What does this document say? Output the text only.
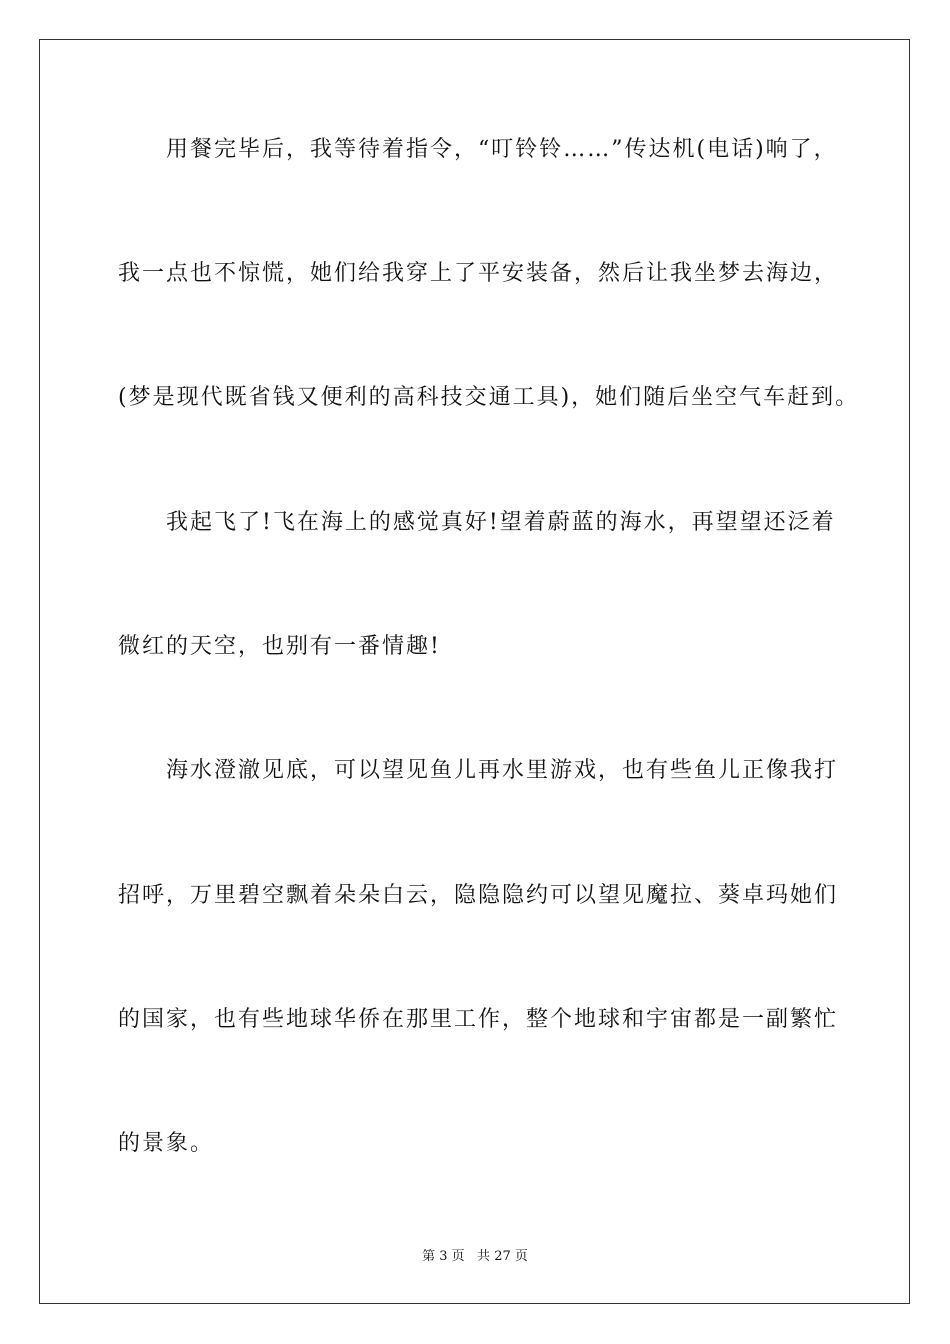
用餐完毕后，我等待着指令，“叮铃铃……”传达机(电话)响了，
我一点也不惊慌，她们给我穿上了平安装备，然后让我坐梦去海边，
(梦是现代既省钱又便利的高科技交通工具)，她们随后坐空气车赶到。
我起飞了!飞在海上的感觉真好!望着蔚蓝的海水，再望望还泛着
微红的天空，也别有一番情趣!
海水澄澈见底，可以望见鱼儿再水里游戏，也有些鱼儿正像我打
招呼，万里碧空飘着朵朵白云，隐隐隐约可以望见魔拉、葵卓玛她们
的国家，也有些地球华侨在那里工作，整个地球和宇宙都是一副繁忙
的景象。
第 3 页   共 27 页
